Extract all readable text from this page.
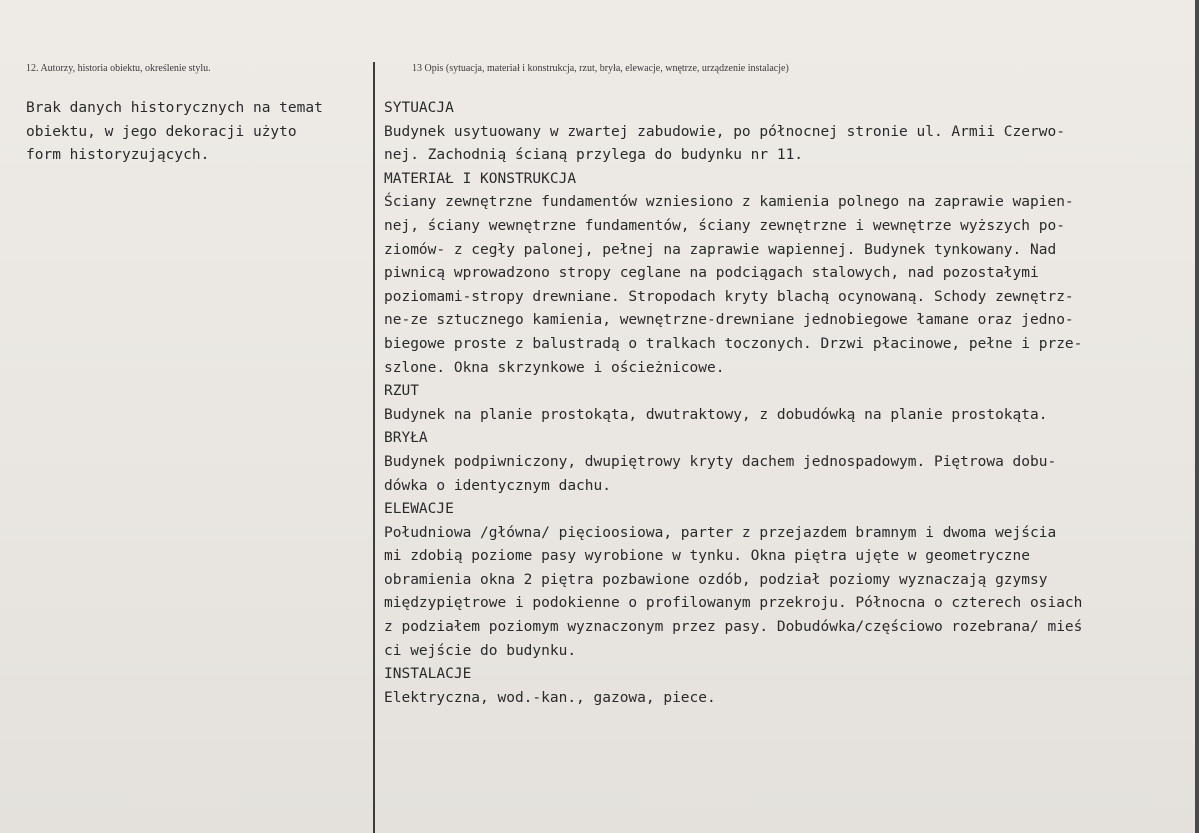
12. Autorzy, historia obiektu, określenie stylu.	13 Opis (sytuacja, materiał i konstrukcja, rzut, bryła, elewacje, wnętrze, urządzenie instalacje)
Brak danych historycznych na temat
obiektu, w jego dekoracji użyto
form historyzujących.
SYTUACJA
Budynek usytuowany w zwartej zabudowie, po północnej stronie ul. Armii Czerwo-
nej. Zachodnią ścianą przylega do budynku nr 11.
MATERIAŁ I KONSTRUKCJA
Ściany zewnętrzne fundamentów wzniesiono z kamienia polnego na zaprawie wapien-
nej, ściany wewnętrzne fundamentów, ściany zewnętrzne i wewnętrze wyższych po-
ziomów- z cegły palonej, pełnej na zaprawie wapiennej. Budynek tynkowany. Nad
piwnicą wprowadzono stropy ceglane na podciągach stalowych, nad pozostałymi
poziomami-stropy drewniane. Stropodach kryty blachą ocynowaną. Schody zewnętrz-
ne-ze sztucznego kamienia, wewnętrzne-drewniane jednobiegowe łamane oraz jedno-
biegowe proste z balustradą o tralkach toczonych. Drzwi płacinowe, pełne i prze-
szlone. Okna skrzynkowe i ościeżnicowe.
RZUT
Budynek na planie prostokąta, dwutraktowy, z dobudówką na planie prostokąta.
BRYŁA
Budynek podpiwniczony, dwupiętrowy kryty dachem jednospadowym. Piętrowa dobu-
dówka o identycznym dachu.
ELEWACJE
Południowa /główna/ pięcioosiowa, parter z przejazdem bramnym i dwoma wejścia
mi zdobią poziome pasy wyrobione w tynku. Okna piętra ujęte w geometryczne
obramienia okna 2 piętra pozbawione ozdób, podział poziomy wyznaczają gzymsy
międzypiętrowe i podokienne o profilowanym przekroju. Północna o czterech osiach
z podziałem poziomym wyznaczonym przez pasy. Dobudówka/częściowo rozebrana/ mieś
ci wejście do budynku.
INSTALACJE
Elektryczna, wod.-kan., gazowa, piece.
